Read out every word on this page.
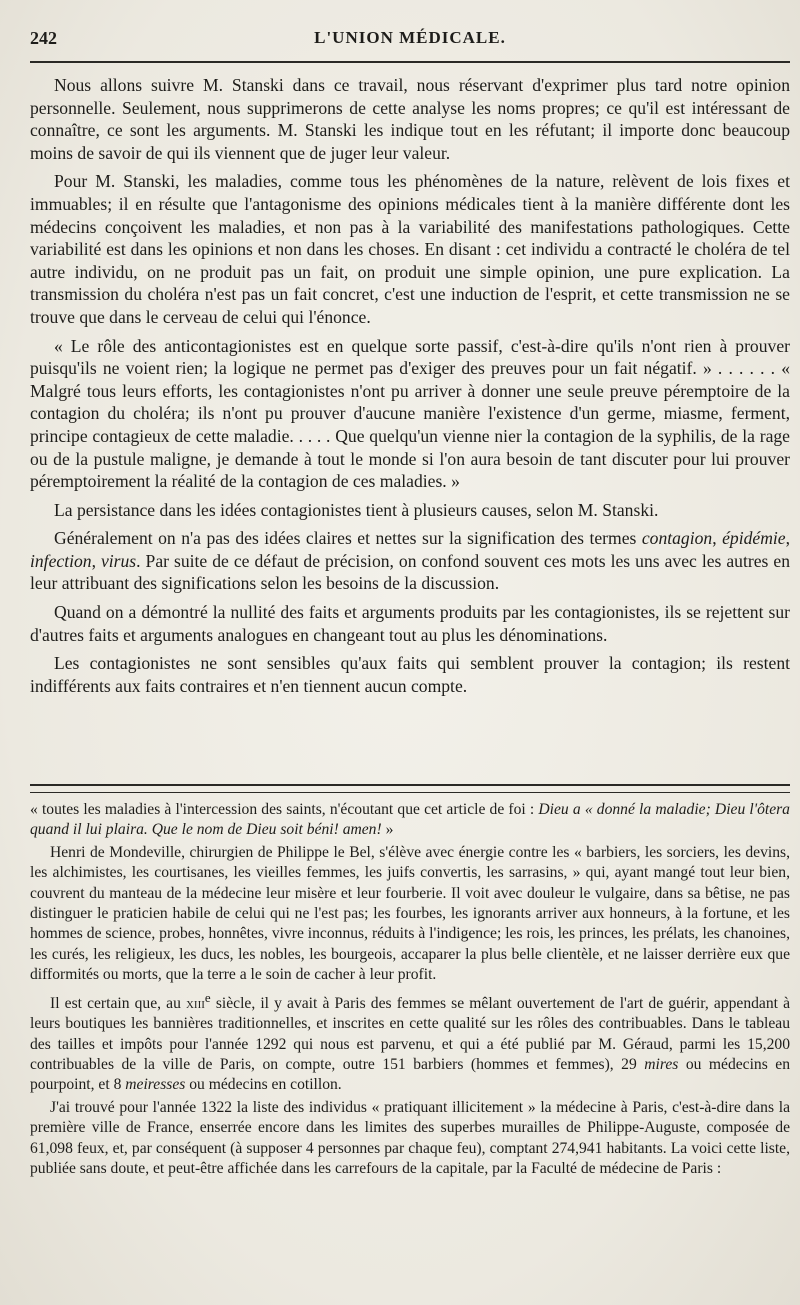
242	L'UNION MÉDICALE.

Nous allons suivre M. Stanski dans ce travail, nous réservant d'exprimer plus tard notre opinion personnelle. Seulement, nous supprimerons de cette analyse les noms propres; ce qu'il est intéressant de connaître, ce sont les arguments. M. Stanski les indique tout en les réfutant; il importe donc beaucoup moins de savoir de qui ils viennent que de juger leur valeur.

Pour M. Stanski, les maladies, comme tous les phénomènes de la nature, relèvent de lois fixes et immuables; il en résulte que l'antagonisme des opinions médicales tient à la manière différente dont les médecins conçoivent les maladies, et non pas à la variabilité des manifestations pathologiques. Cette variabilité est dans les opinions et non dans les choses. En disant : cet individu a contracté le choléra de tel autre individu, on ne produit pas un fait, on produit une simple opinion, une pure explication. La transmission du choléra n'est pas un fait concret, c'est une induction de l'esprit, et cette transmission ne se trouve que dans le cerveau de celui qui l'énonce.

« Le rôle des anticontagionistes est en quelque sorte passif, c'est-à-dire qu'ils n'ont rien à prouver puisqu'ils ne voient rien; la logique ne permet pas d'exiger des preuves pour un fait négatif. » . . . . . . « Malgré tous leurs efforts, les contagionistes n'ont pu arriver à donner une seule preuve péremptoire de la contagion du choléra; ils n'ont pu prouver d'aucune manière l'existence d'un germe, miasme, ferment, principe contagieux de cette maladie. . . . . Que quelqu'un vienne nier la contagion de la syphilis, de la rage ou de la pustule maligne, je demande à tout le monde si l'on aura besoin de tant discuter pour lui prouver péremptoirement la réalité de la contagion de ces maladies. »

La persistance dans les idées contagionistes tient à plusieurs causes, selon M. Stanski.

Généralement on n'a pas des idées claires et nettes sur la signification des termes contagion, épidémie, infection, virus. Par suite de ce défaut de précision, on confond souvent ces mots les uns avec les autres en leur attribuant des significations selon les besoins de la discussion.

Quand on a démontré la nullité des faits et arguments produits par les contagionistes, ils se rejettent sur d'autres faits et arguments analogues en changeant tout au plus les dénominations.

Les contagionistes ne sont sensibles qu'aux faits qui semblent prouver la contagion; ils restent indifférents aux faits contraires et n'en tiennent aucun compte.

« toutes les maladies à l'intercession des saints, n'écoutant que cet article de foi : Dieu a « donné la maladie; Dieu l'ôtera quand il lui plaira. Que le nom de Dieu soit béni! amen! »

Henri de Mondeville, chirurgien de Philippe le Bel, s'élève avec énergie contre les « barbiers, les sorciers, les devins, les alchimistes, les courtisanes, les vieilles femmes, les juifs convertis, les sarrasins, » qui, ayant mangé tout leur bien, couvrent du manteau de la médecine leur misère et leur fourberie. Il voit avec douleur le vulgaire, dans sa bêtise, ne pas distinguer le praticien habile de celui qui ne l'est pas; les fourbes, les ignorants arriver aux honneurs, à la fortune, et les hommes de science, probes, honnêtes, vivre inconnus, réduits à l'indigence; les rois, les princes, les prélats, les chanoines, les curés, les religieux, les ducs, les nobles, les bourgeois, accaparer la plus belle clientèle, et ne laisser derrière eux que difformités ou morts, que la terre a le soin de cacher à leur profit.

Il est certain que, au xiii$^e$ siècle, il y avait à Paris des femmes se mêlant ouvertement de l'art de guérir, appendant à leurs boutiques les bannières traditionnelles, et inscrites en cette qualité sur les rôles des contribuables. Dans le tableau des tailles et impôts pour l'année 1292 qui nous est parvenu, et qui a été publié par M. Géraud, parmi les 15,200 contribuables de la ville de Paris, on compte, outre 151 barbiers (hommes et femmes), 29 mires ou médecins en pourpoint, et 8 meiresses ou médecins en cotillon.

J'ai trouvé pour l'année 1322 la liste des individus « pratiquant illicitement » la médecine à Paris, c'est-à-dire dans la première ville de France, enserrée encore dans les limites des superbes murailles de Philippe-Auguste, composée de 61,098 feux, et, par conséquent (à supposer 4 personnes par chaque feu), comptant 274,941 habitants. La voici cette liste, publiée sans doute, et peut-être affichée dans les carrefours de la capitale, par la Faculté de médecine de Paris :
